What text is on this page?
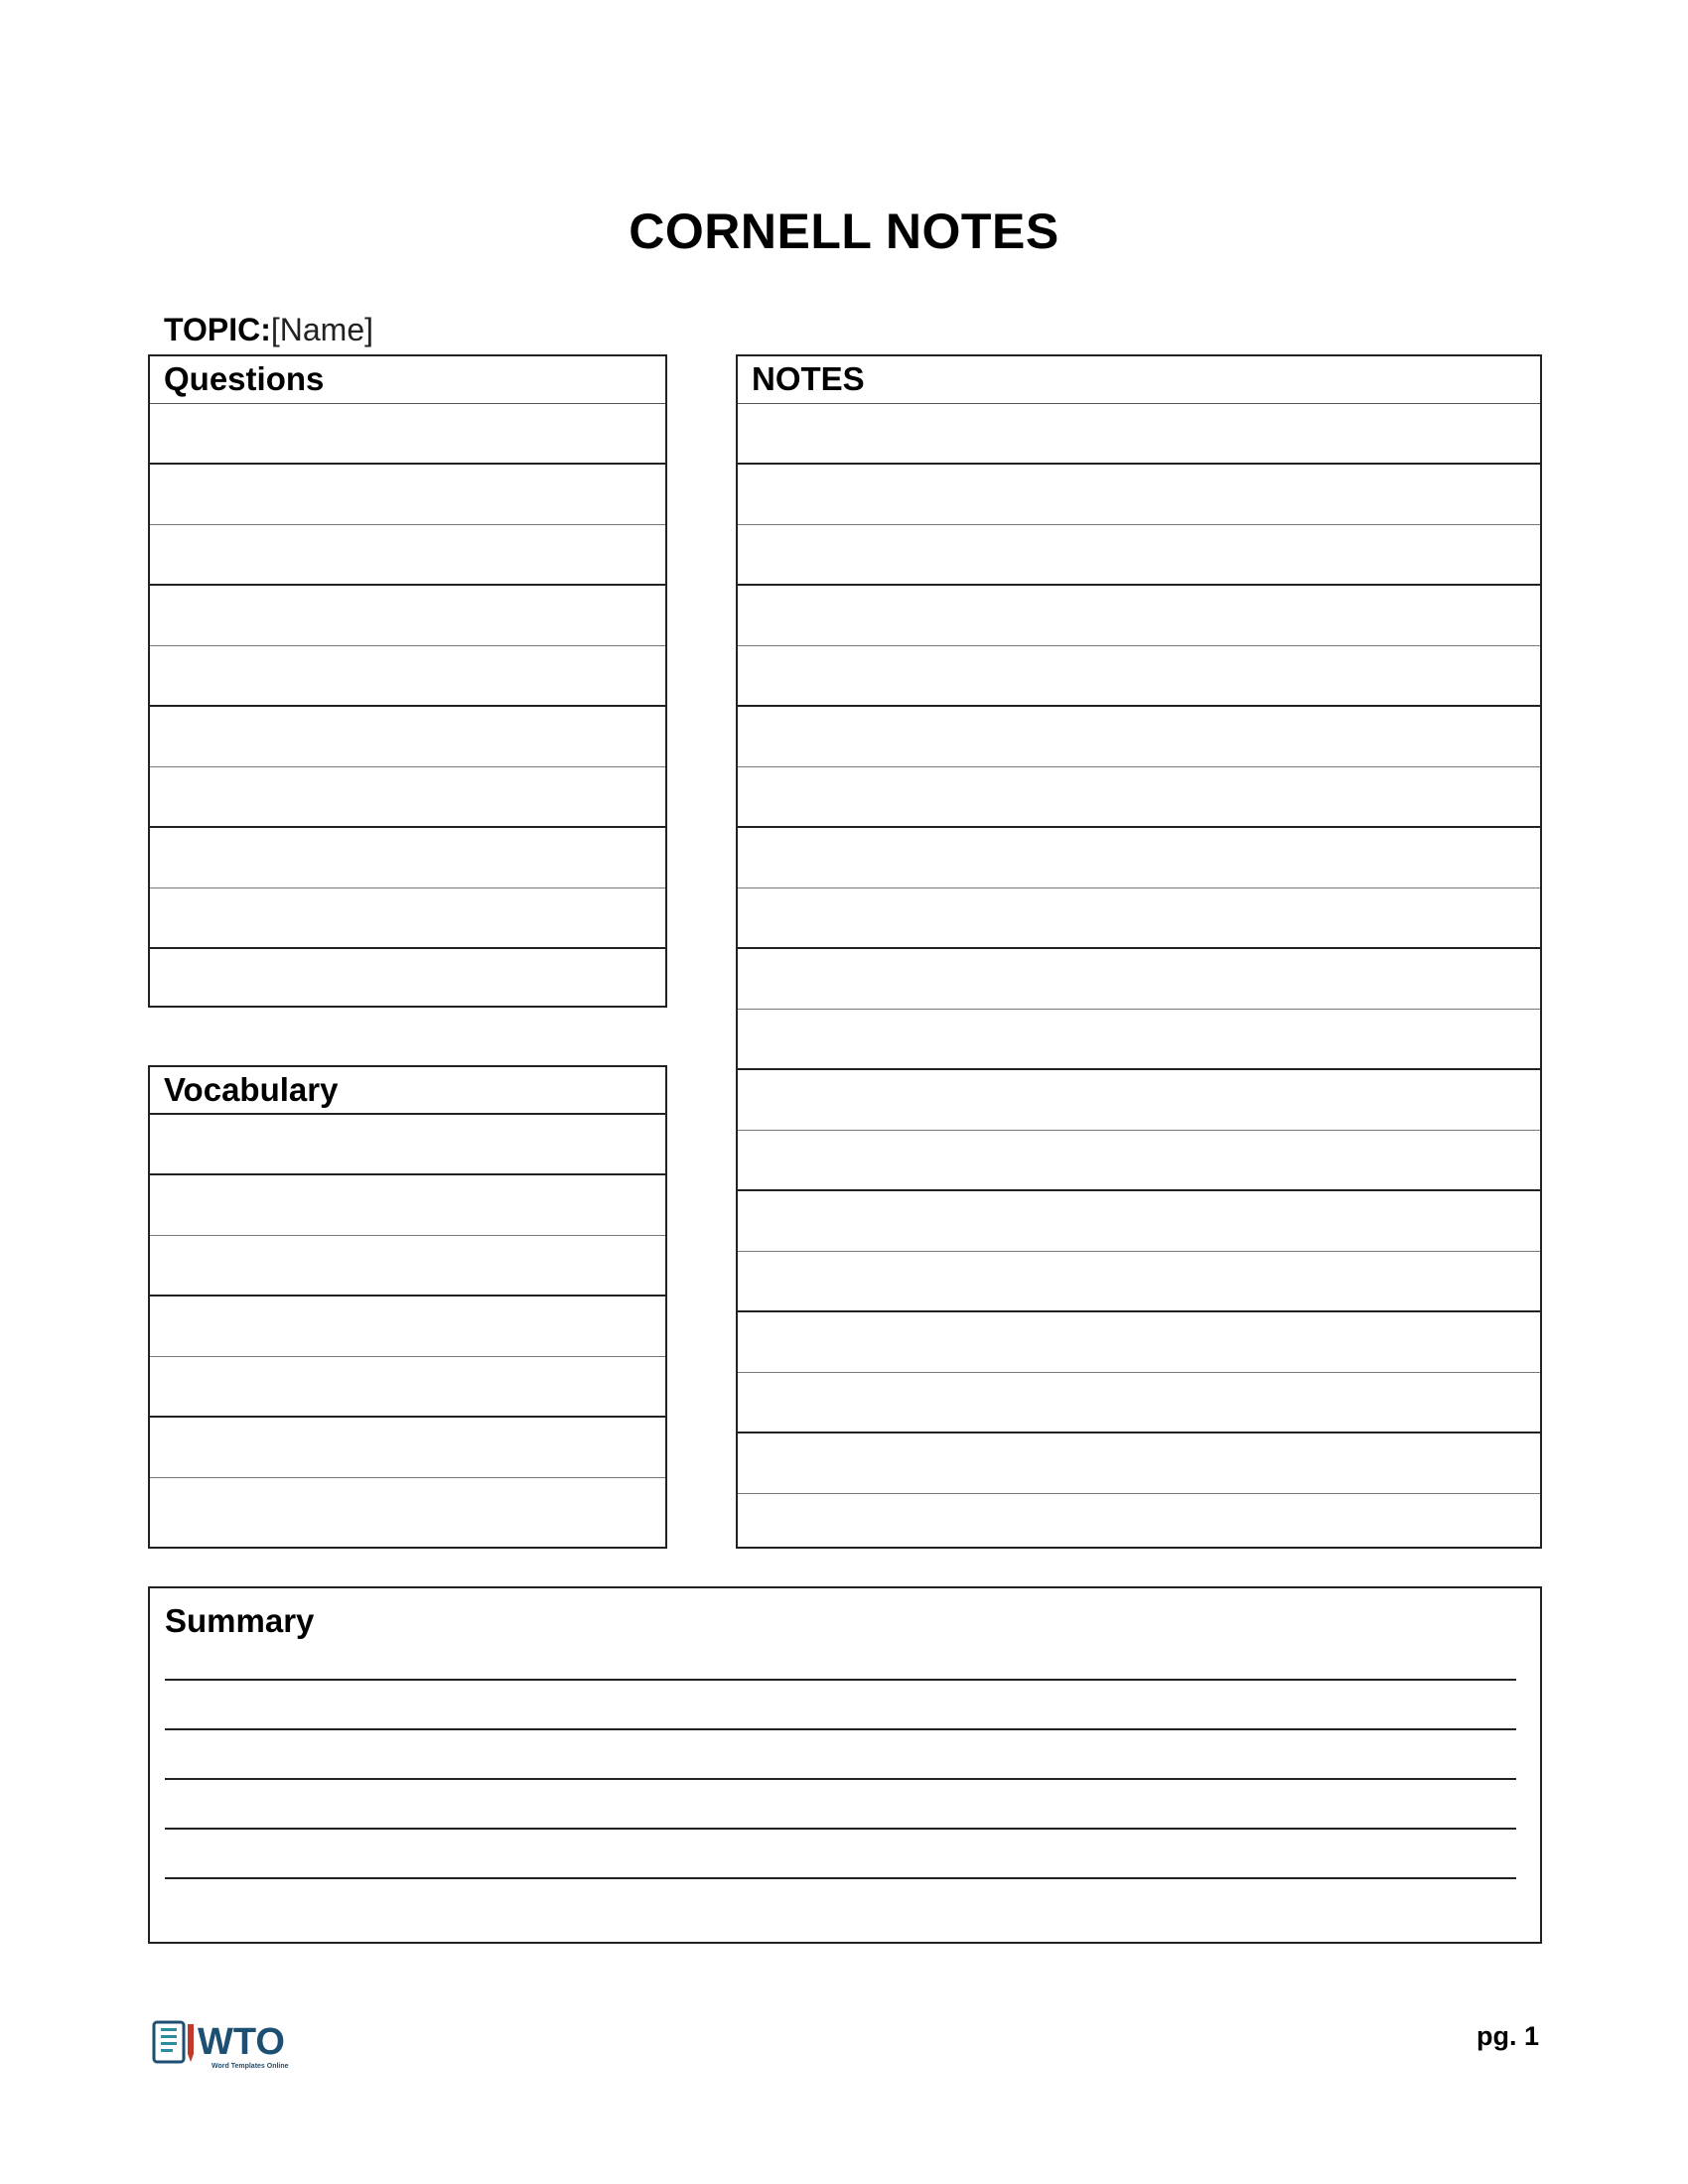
CORNELL NOTES
TOPIC:[Name]
Questions
Vocabulary
NOTES
Summary
WTO
Word Templates Online
pg. 1
